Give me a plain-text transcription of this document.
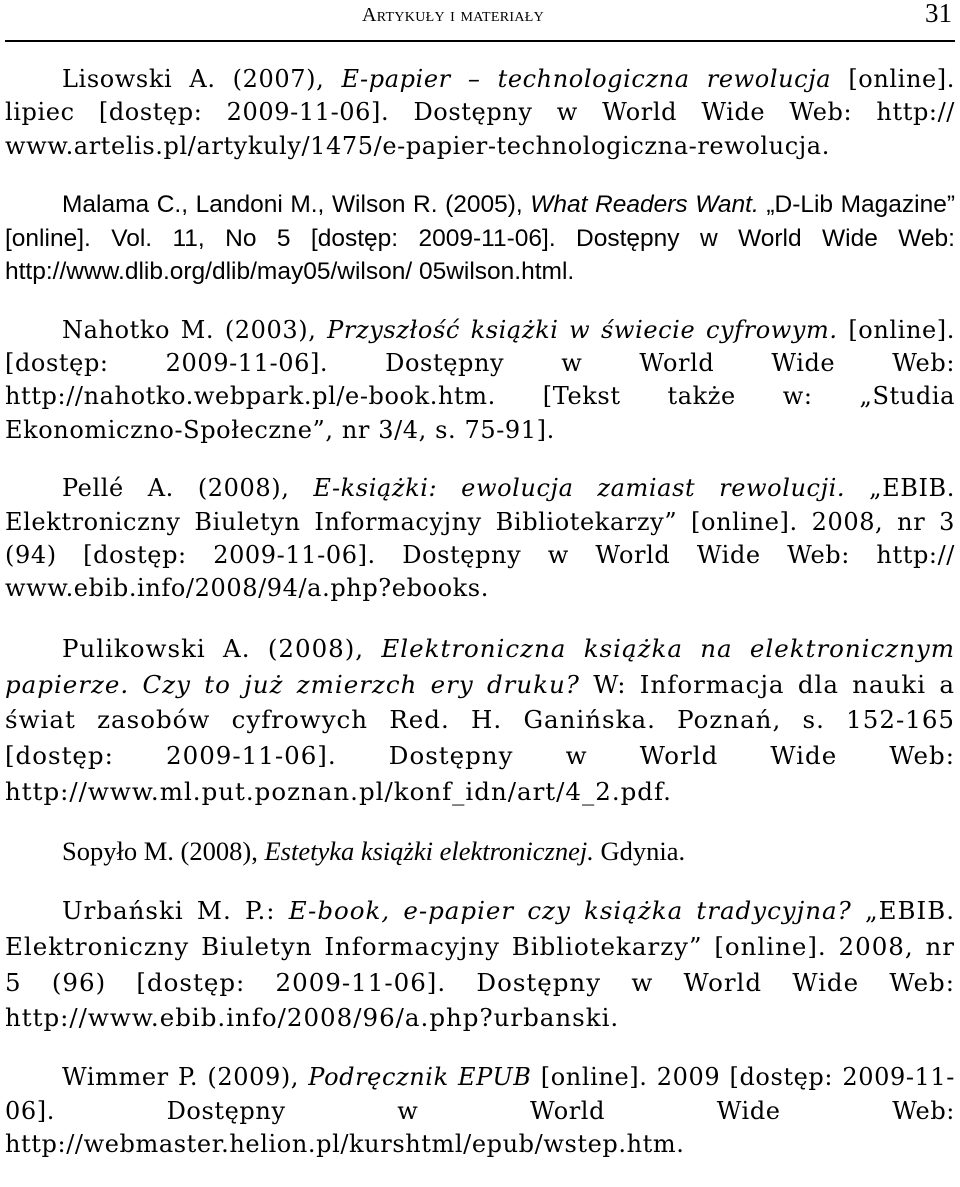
Artykuły i materiały	31

Lisowski A. (2007), E-papier – technologiczna rewolucja [online]. lipiec [dostęp: 2009-11-06]. Dostępny w World Wide Web: http:// www.artelis.pl/artykuly/1475/e-papier-technologiczna-rewolucja.

Malama C., Landoni M., Wilson R. (2005), What Readers Want. „D-Lib Magazine” [online]. Vol. 11, No 5 [dostęp: 2009-11-06]. Dostępny w World Wide Web: http://www.dlib.org/dlib/may05/wilson/ 05wilson.html.

Nahotko M. (2003), Przyszłość książki w świecie cyfrowym. [online]. [dostęp: 2009-11-06]. Dostępny w World Wide Web: http://nahotko.webpark.pl/e-book.htm. [Tekst także w: „Studia Ekonomiczno-Społeczne”, nr 3/4, s. 75-91].

Pellé A. (2008), E-książki: ewolucja zamiast rewolucji. „EBIB. Elektroniczny Biuletyn Informacyjny Bibliotekarzy” [online]. 2008, nr 3 (94) [dostęp: 2009-11-06]. Dostępny w World Wide Web: http:// www.ebib.info/2008/94/a.php?ebooks.

Pulikowski A. (2008), Elektroniczna książka na elektronicznym papierze. Czy to już zmierzch ery druku? W: Informacja dla nauki a świat zasobów cyfrowych Red. H. Ganińska. Poznań, s. 152-165 [dostęp: 2009-11-06]. Dostępny w World Wide Web: http://www.ml.put.poznan.pl/konf_idn/art/4_2.pdf.

Sopyło M. (2008), Estetyka książki elektronicznej. Gdynia.

Urbański M. P.: E-book, e-papier czy książka tradycyjna? „EBIB. Elektroniczny Biuletyn Informacyjny Bibliotekarzy” [online]. 2008, nr 5 (96) [dostęp: 2009-11-06]. Dostępny w World Wide Web: http://www.ebib.info/2008/96/a.php?urbanski.

Wimmer P. (2009), Podręcznik EPUB [online]. 2009 [dostęp: 2009-11-06]. Dostępny w World Wide Web: http://webmaster.helion.pl/kurshtml/epub/wstep.htm.
